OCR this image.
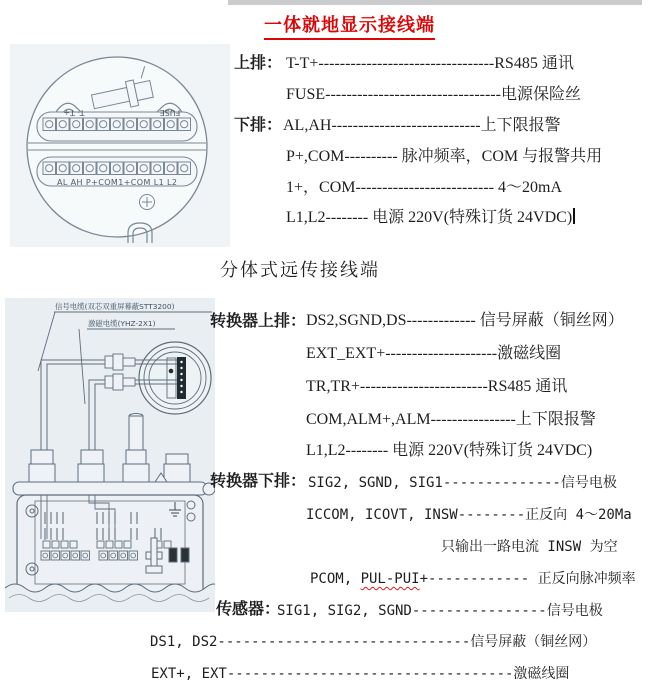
一体就地显示接线端
T- T+	FUSE
AL AH P+COM1+COM L1 L2
上排： T-T+---------------------------------RS485 通讯
FUSE---------------------------------电源保险丝
下排： AL,AH----------------------------上下限报警
P+,COM---------- 脉冲频率，COM 与报警共用
1+，COM-------------------------- 4～20mA
L1,L2-------- 电源 220V(特殊订货 24VDC)
分体式远传接线端
信号电缆(双芯双重屏幕蔽STT3200)
激磁电缆(YHZ-2X1)	转换器上排： DS2,SGND,DS------------- 信号屏蔽（铜丝网）
EXT_EXT+---------------------激磁线圈
TR,TR+------------------------RS485 通讯
COM,ALM+,ALM----------------上下限报警
L1,L2-------- 电源 220V(特殊订货 24VDC)
转换器下排： SIG2, SGND, SIG1--------------信号电极
ICCOM, ICOVT, INSW--------正反向 4～20Ma
只输出一路电流 INSW 为空
PCOM, PUL-PUI+------------ 正反向脉冲频率
传感器：
SIG1, SIG2, SGND----------------信号电极
DS1, DS2------------------------------信号屏蔽（铜丝网）
EXT+, EXT----------------------------------激磁线圈
